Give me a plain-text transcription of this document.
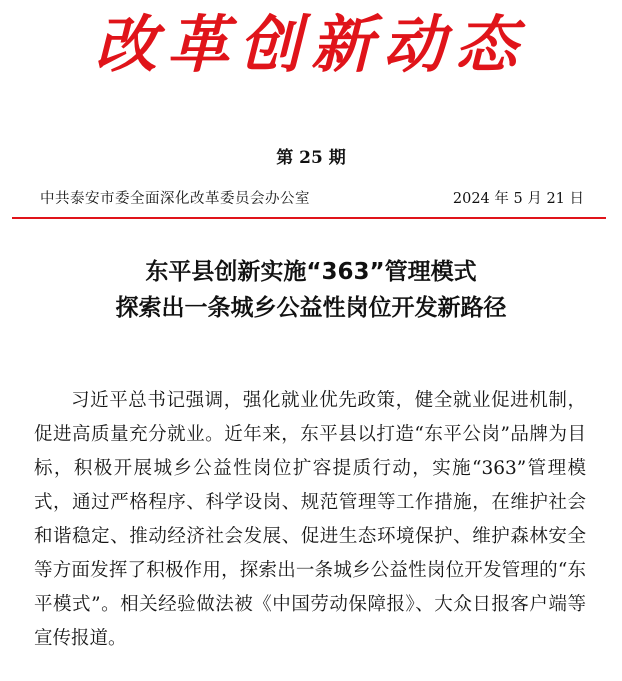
改革创新动态
第 25 期
中共泰安市委全面深化改革委员会办公室	2024 年 5 月 21 日
东平县创新实施“363”管理模式
探索出一条城乡公益性岗位开发新路径

习近平总书记强调，强化就业优先政策，健全就业促进机制，促进高质量充分就业。近年来，东平县以打造“东平公岗”品牌为目标，积极开展城乡公益性岗位扩容提质行动，实施“363”管理模式，通过严格程序、科学设岗、规范管理等工作措施，在维护社会和谐稳定、推动经济社会发展、促进生态环境保护、维护森林安全等方面发挥了积极作用，探索出一条城乡公益性岗位开发管理的“东平模式”。相关经验做法被《中国劳动保障报》、大众日报客户端等宣传报道。
